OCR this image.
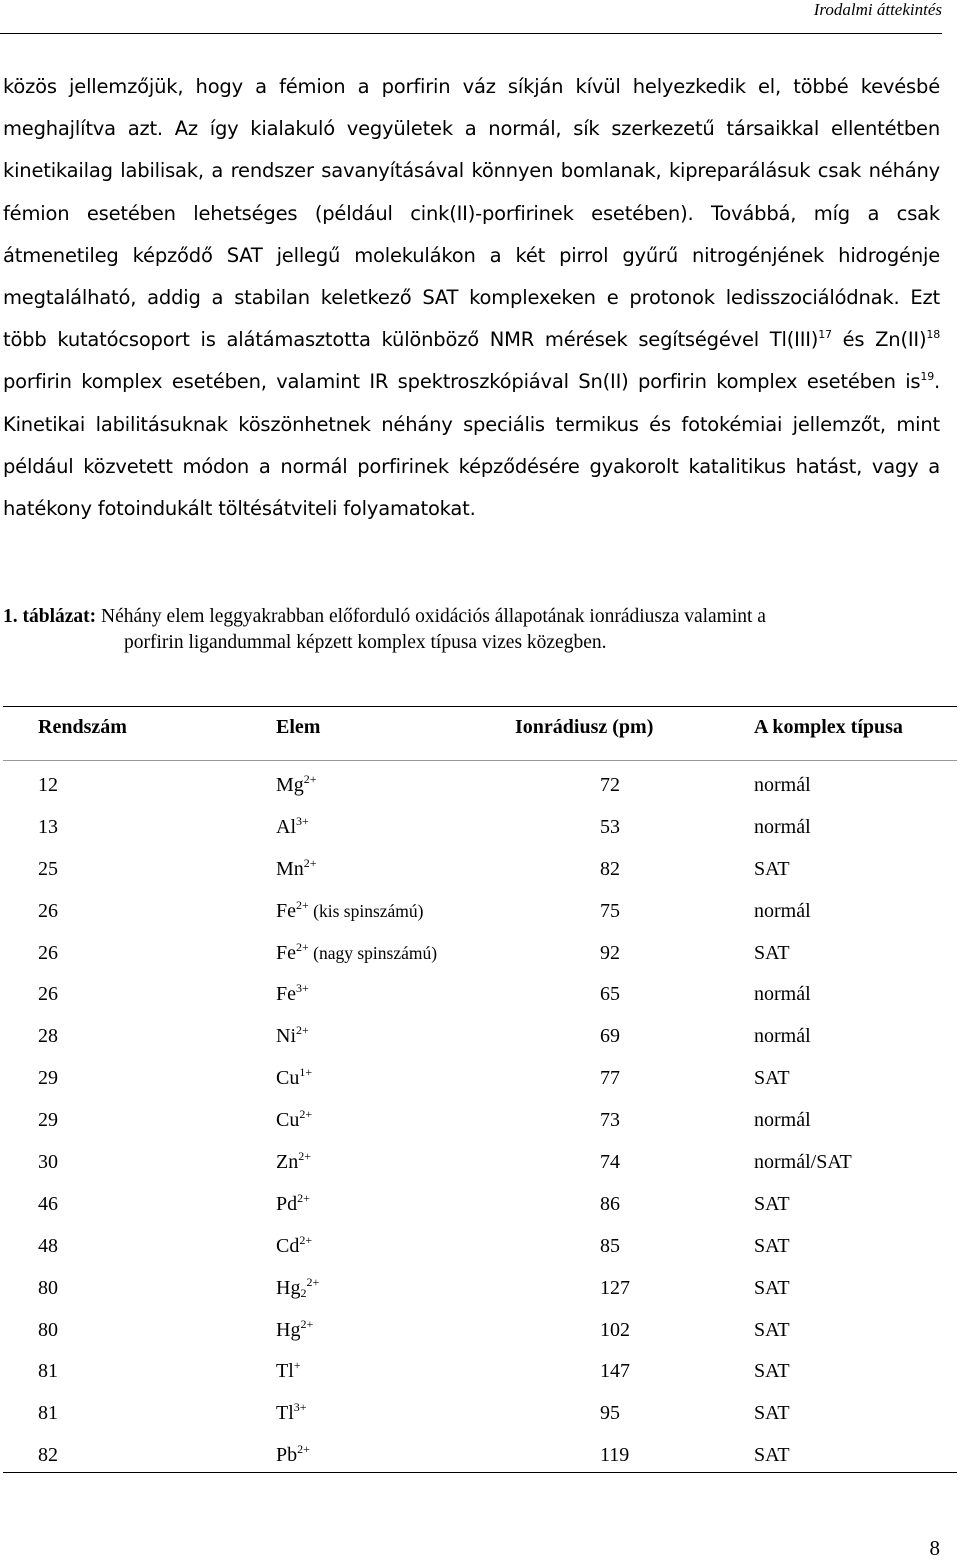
Irodalmi áttekintés
közös jellemzőjük, hogy a fémion a porfirin váz síkján kívül helyezkedik el, többé kevésbé meghajlítva azt. Az így kialakuló vegyületek a normál, sík szerkezetű társaikkal ellentétben kinetikailag labilisak, a rendszer savanyításával könnyen bomlanak, kipreparálásuk csak néhány fémion esetében lehetséges (például cink(II)-porfirinek esetében). Továbbá, míg a csak átmenetileg képződő SAT jellegű molekulákon a két pirrol gyűrű nitrogénjének hidrogénje megtalálható, addig a stabilan keletkező SAT komplexeken e protonok ledisszociálódnak. Ezt több kutatócsoport is alátámasztotta különböző NMR mérések segítségével Tl(III)$^{17}$ és Zn(II)$^{18}$ porfirin komplex esetében, valamint IR spektroszkópiával Sn(II) porfirin komplex esetében $is^{19}$. Kinetikai labilitásuknak köszönhetnek néhány speciális termikus és fotokémiai jellemzőt, mint például közvetett módon a normál porfirinek képződésére gyakorolt katalitikus hatást, vagy a hatékony fotoindukált töltésátviteli folyamatokat.
1. táblázat: Néhány elem leggyakrabban előforduló oxidációs állapotának ionrádiusza valamint a
porfirin ligandummal képzett komplex típusa vizes közegben.
Rendszám	Elem	Ionrádiusz (pm)	A komplex típusa
12	$Mg^{2+}$	72	normál
13	$Al^{3+}$	53	normál
25	$Mn^{2+}$	82	SAT
26	$Fe^{2+}$ (kis spinszámú)	75	normál
26	$Fe^{2+}$ (nagy spinszámú)	92	SAT
26	$Fe^{3+}$	65	normál
28	$Ni^{2+}$	69	normál
29	$Cu^{1+}$	77	SAT
29	$Cu^{2+}$	73	normál
30	$Zn^{2+}$	74	normál/SAT
46	$Pd^{2+}$	86	SAT
48	$Cd^{2+}$	85	SAT
80	$Hg_2^{2+}$	127	SAT
80	$Hg^{2+}$	102	SAT
81	Tl+	147	SAT
81	$Tl^{3+}$	95	SAT
82	$Pb^{2+}$	119	SAT
8
